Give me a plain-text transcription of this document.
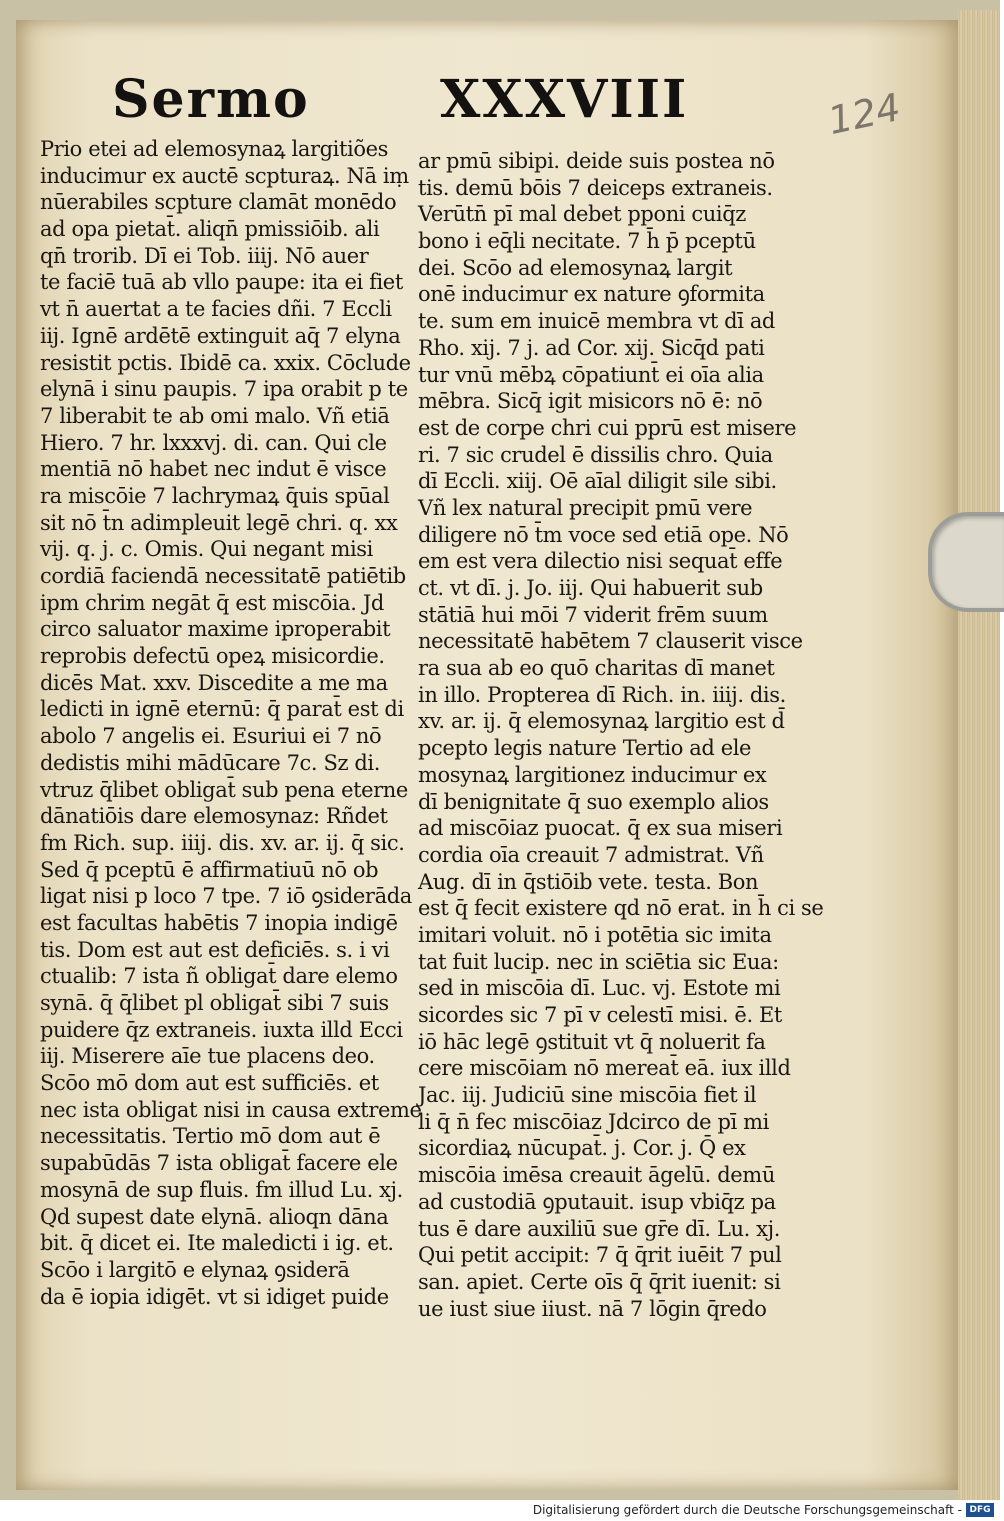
Sermo	XXXVIII	124
Prio etei ad elemosynaꝝ largitiões
inducimur ex auctē scpturaꝝ. Nā iṃ
nūerabiles scpture clamāt monēdo
ad opa pietat̄. aliqn̄ pmissiōib. ali
qn̄ trorib. Dī ei Tob. iiij. Nō auer
te faciē tuā ab vllo paupe: ita ei fiet
vt n̄ auertat a te facies dñi. 7 Eccli
iij. Ignē ardētē extinguit aq̄ 7 elyna
resistit pctis. Ibidē ca. xxix. Cōclude
elynā i sinu paupis. 7 ipa orabit p te
7 liberabit te ab omi malo. Vñ etiā
Hiero. 7 hr. lxxxvj. di. can. Qui cle
mentiā nō habet nec indut ē visce
ra miscōie 7 lachrymaꝝ q̄uis spūal
sit nō t̄n adimpleuit legē chri. q. xx
vij. q. j. c. Omis. Qui negant misi
cordiā faciendā necessitatē patiētib
ipm chrim negāt q̄ est miscōia. Jd
circo saluator maxime iproperabit
reprobis defectū opeꝝ misicordie.
dicēs Mat. xxv. Discedite a me ma
ledicti in ignē eternū: q̄ parat̄ est di
abolo 7 angelis ei. Esuriui ei 7 nō
dedistis mihi mādūcare 7c. Sz di.
vtruz q̄libet obligat̄ sub pena eterne
dānatiōis dare elemosynaz: Rñdet
fm Rich. sup. iiij. dis. xv. ar. ij. q̄ sic.
Sed q̄ pceptū ē affirmatiuū nō ob
ligat nisi p loco 7 tpe. 7 iō ꝯsiderāda
est facultas habētis 7 inopia indigē
tis. Dom est aut est deficiēs. s. i vi
ctualib: 7 ista ñ obligat̄ dare elemo
synā. q̄ q̄libet pl obligat̄ sibi 7 suis
puidere q̄z extraneis. iuxta illd Ecci
iij. Miserere aīe tue placens deo.
Scōo mō dom aut est sufficiēs. et
nec ista obligat nisi in causa extreme
necessitatis. Tertio mō dom aut ē
supabūdās 7 ista obligat̄ facere ele
mosynā de sup fluis. fm illud Lu. xj.
Qd supest date elynā. alioqn dāna
bit. q̄ dicet ei. Ite maledicti i ig. et.
Scōo i largitō e elynaꝝ ꝯsiderā
da ē iopia idigēt. vt si idiget puide
ar pmū sibipi. deide suis postea nō
tis. demū bōis 7 deiceps extraneis.
Verūtn̄ pī mal debet pponi cuiq̄z
bono i eq̄li necitate. 7 h̄ p̄ pceptū
dei. Scōo ad elemosynaꝝ largit
onē inducimur ex nature ꝯformita
te. sum em inuicē membra vt dī ad
Rho. xij. 7 j. ad Cor. xij. Sicq̄d pati
tur vnū mēbꝝ cōpatiunt̄ ei oīa alia
mēbra. Sicq̄ igit misicors nō ē: nō
est de corpe chri cui pprū est misere
ri. 7 sic crudel ē dissilis chro. Quia
dī Eccli. xiij. Oē aīal diligit sile sibi.
Vñ lex natural precipit pmū vere
diligere nō t̄m voce sed etiā ope. Nō
em est vera dilectio nisi sequat̄ effe
ct. vt dī. j. Jo. iij. Qui habuerit sub
stātiā hui mōi 7 viderit frēm suum
necessitatē habētem 7 clauserit visce
ra sua ab eo quō charitas dī manet
in illo. Propterea dī Rich. in. iiij. dis.
xv. ar. ij. q̄ elemosynaꝝ largitio est d̄
pcepto legis nature Tertio ad ele
mosynaꝝ largitionez inducimur ex
dī benignitate q̄ suo exemplo alios
ad miscōiaz puocat. q̄ ex sua miseri
cordia oīa creauit 7 admistrat. Vñ
Aug. dī in q̄stiōib vete. testa. Bon
est q̄ fecit existere qd nō erat. in h̄ ci se
imitari voluit. nō i potētia sic imita
tat fuit lucip. nec in sciētia sic Eua:
sed in miscōia dī. Luc. vj. Estote mi
sicordes sic 7 pī v celestī misi. ē. Et
iō hāc legē ꝯstituit vt q̄ noluerit fa
cere miscōiam nō mereat̄ eā. iux illd
Jac. iij. Judiciū sine miscōia fiet il
li q̄ n̄ fec miscōiaz Jdcirco de pī mi
sicordiaꝝ nūcupat̄. j. Cor. j. Q̄ ex
miscōia imēsa creauit āgelū. demū
ad custodiā ꝯputauit. isup vbiq̄z pa
tus ē dare auxiliū sue gr̄e dī. Lu. xj.
Qui petit accipit: 7 q̄ q̄rit iuēit 7 pul
san. apiet. Certe oīs q̄ q̄rit iuenit: si
ue iust siue iiust. nā 7 lōgin q̄redo
Digitalisierung gefördert durch die Deutsche Forschungsgemeinschaft - DFG
